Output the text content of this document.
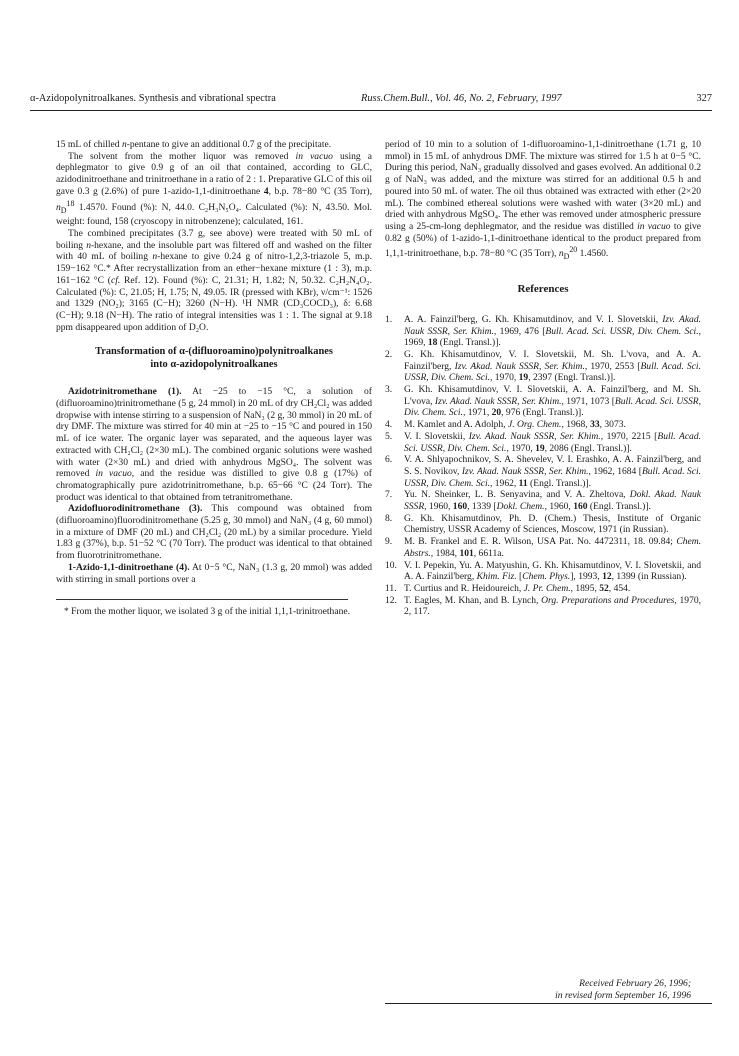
α-Azidopolynitroalkanes. Synthesis and vibrational spectra	Russ.Chem.Bull., Vol. 46, No. 2, February, 1997	327

15 mL of chilled n-pentane to give an additional 0.7 g of the precipitate.

The solvent from the mother liquor was removed in vacuo using a dephlegmator to give 0.9 g of an oil that contained, according to GLC, azidodinitroethane and trinitroethane in a ratio of 2 : 1. Preparative GLC of this oil gave 0.3 g (2.6%) of pure 1-azido-1,1-dinitroethane 4, b.p. 78−80 °C (35 Torr), $n_D^{18}$ 1.4570. Found (%): N, 44.0. C₂H₃N₅O₄. Calculated (%): N, 43.50. Mol. weight: found, 158 (cryoscopy in nitrobenzene); calculated, 161.

The combined precipitates (3.7 g, see above) were treated with 50 mL of boiling n-hexane, and the insoluble part was filtered off and washed on the filter with 40 mL of boiling n-hexane to give 0.24 g of nitro-1,2,3-triazole 5, m.p. 159−162 °C.* After recrystallization from an ether−hexane mixture (1 : 3), m.p. 161−162 °C (cf. Ref. 12). Found (%): C, 21.31; H, 1.82; N, 50.32. C₂H₂N₄O₂. Calculated (%): C, 21.05; H, 1.75; N, 49.05. IR (pressed with KBr), ν/cm⁻¹: 1526 and 1329 (NO₂); 3165 (C−H); 3260 (N−H). ¹H NMR (CD₃COCD₃), δ: 6.68 (C−H); 9.18 (N−H). The ratio of integral intensities was 1 : 1. The signal at 9.18 ppm disappeared upon addition of D₂O.

Transformation of α-(difluoroamino)polynitroalkanes
into α-azidopolynitroalkanes

Azidotrinitromethane (1). At −25 to −15 °C, a solution of (difluoroamino)trinitromethane (5 g, 24 mmol) in 20 mL of dry CH₂Cl₂ was added dropwise with intense stirring to a suspension of NaN₃ (2 g, 30 mmol) in 20 mL of dry DMF. The mixture was stirred for 40 min at −25 to −15 °C and poured in 150 mL of ice water. The organic layer was separated, and the aqueous layer was extracted with CH₂Cl₂ (2×30 mL). The combined organic solutions were washed with water (2×30 mL) and dried with anhydrous MgSO₄. The solvent was removed in vacuo, and the residue was distilled to give 0.8 g (17%) of chromatographically pure azidotrinitromethane, b.p. 65−66 °C (24 Torr). The product was identical to that obtained from tetranitromethane.

Azidofluorodinitromethane (3). This compound was obtained from (difluoroamino)fluorodinitromethane (5.25 g, 30 mmol) and NaN₃ (4 g, 60 mmol) in a mixture of DMF (20 mL) and CH₂Cl₂ (20 mL) by a similar procedure. Yield 1.83 g (37%), b.p. 51−52 °C (70 Torr). The product was identical to that obtained from fluorotrinitromethane.

1-Azido-1,1-dinitroethane (4). At 0−5 °C, NaN₃ (1.3 g, 20 mmol) was added with stirring in small portions over a

* From the mother liquor, we isolated 3 g of the initial 1,1,1-trinitroethane.

period of 10 min to a solution of 1-difluoroamino-1,1-dinitroethane (1.71 g, 10 mmol) in 15 mL of anhydrous DMF. The mixture was stirred for 1.5 h at 0−5 °C. During this period, NaN₃ gradually dissolved and gases evolved. An additional 0.2 g of NaN₃ was added, and the mixture was stirred for an additional 0.5 h and poured into 50 mL of water. The oil thus obtained was extracted with ether (2×20 mL). The combined ethereal solutions were washed with water (3×20 mL) and dried with anhydrous MgSO₄. The ether was removed under atmospheric pressure using a 25-cm-long dephlegmator, and the residue was distilled in vacuo to give 0.82 g (50%) of 1-azido-1,1-dinitroethane identical to the product prepared from 1,1,1-trinitroethane, b.p. 78−80 °C (35 Torr), $n_D^{20}$ 1.4560.

References
1. A. A. Fainzil'berg, G. Kh. Khisamutdinov, and V. I. Slovetskii, Izv. Akad. Nauk SSSR, Ser. Khim., 1969, 476 [Bull. Acad. Sci. USSR, Div. Chem. Sci., 1969, 18 (Engl. Transl.)].
2. G. Kh. Khisamutdinov, V. I. Slovetskii, M. Sh. L'vova, and A. A. Fainzil'berg, Izv. Akad. Nauk SSSR, Ser. Khim., 1970, 2553 [Bull. Acad. Sci. USSR, Div. Chem. Sci., 1970, 19, 2397 (Engl. Transl.)].
3. G. Kh. Khisamutdinov, V. I. Slovetskii, A. A. Fainzil'berg, and M. Sh. L'vova, Izv. Akad. Nauk SSSR, Ser. Khim., 1971, 1073 [Bull. Acad. Sci. USSR, Div. Chem. Sci., 1971, 20, 976 (Engl. Transl.)].
4. M. Kamlet and A. Adolph, J. Org. Chem., 1968, 33, 3073.
5. V. I. Slovetskii, Izv. Akad. Nauk SSSR, Ser. Khim., 1970, 2215 [Bull. Acad. Sci. USSR, Div. Chem. Sci., 1970, 19, 2086 (Engl. Transl.)].
6. V. A. Shlyapochnikov, S. A. Shevelev, V. I. Erashko, A. A. Fainzil'berg, and S. S. Novikov, Izv. Akad. Nauk SSSR, Ser. Khim., 1962, 1684 [Bull. Acad. Sci. USSR, Div. Chem. Sci., 1962, 11 (Engl. Transl.)].
7. Yu. N. Sheinker, L. B. Senyavina, and V. A. Zheltova, Dokl. Akad. Nauk SSSR, 1960, 160, 1339 [Dokl. Chem., 1960, 160 (Engl. Transl.)].
8. G. Kh. Khisamutdinov, Ph. D. (Chem.) Thesis, Institute of Organic Chemistry, USSR Academy of Sciences, Moscow, 1971 (in Russian).
9. M. B. Frankel and E. R. Wilson, USA Pat. No. 4472311, 18. 09.84; Chem. Abstrs., 1984, 101, 6611a.
10. V. I. Pepekin, Yu. A. Matyushin, G. Kh. Khisamutdinov, V. I. Slovetskii, and A. A. Fainzil'berg, Khim. Fiz. [Chem. Phys.], 1993, 12, 1399 (in Russian).
11. T. Curtius and R. Heidoureich, J. Pr. Chem., 1895, 52, 454.
12. T. Eagles, M. Khan, and B. Lynch, Org. Preparations and Procedures, 1970, 2, 117.
Received February 26, 1996;
in revised form September 16, 1996
